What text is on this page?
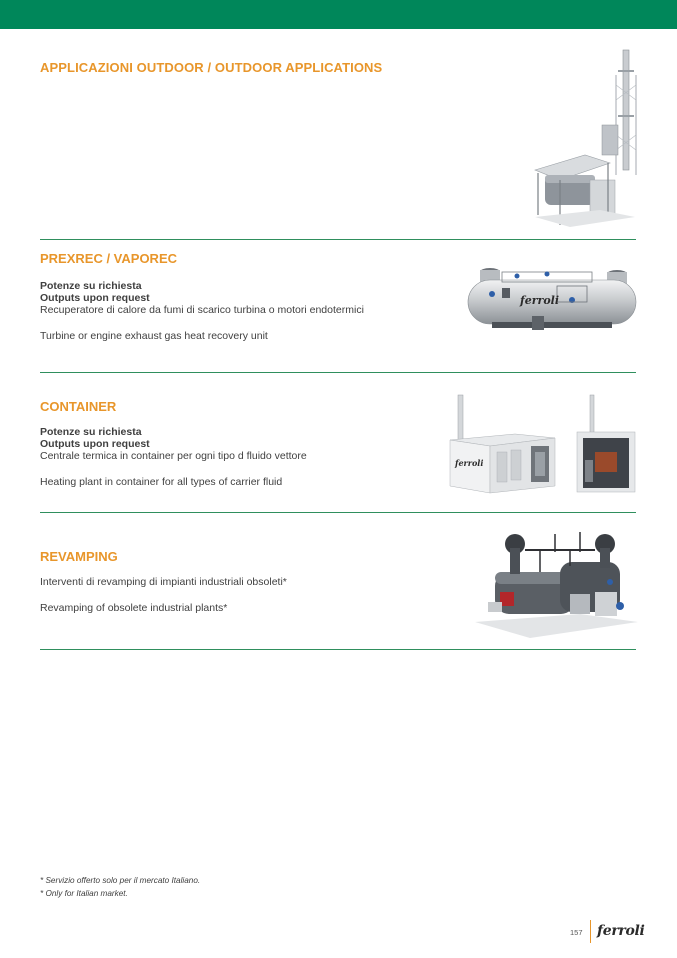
APPLICAZIONI OUTDOOR / OUTDOOR APPLICATIONS
PREXREC / VAPOREC
Potenze su richiesta
Outputs upon request
Recuperatore di calore da fumi di scarico turbina o motori endotermici
Turbine or engine exhaust gas heat recovery unit
ferroli
CONTAINER
Potenze su richiesta
Outputs upon request
Centrale termica in container per ogni tipo d fluido vettore
Heating plant in container for all types of carrier fluid
ferroli
REVAMPING
Interventi di revamping di impianti industriali obsoleti*
Revamping of obsolete industrial plants*
* Servizio offerto solo per il mercato Italiano.
* Only for Italian market.
157 ferroli
